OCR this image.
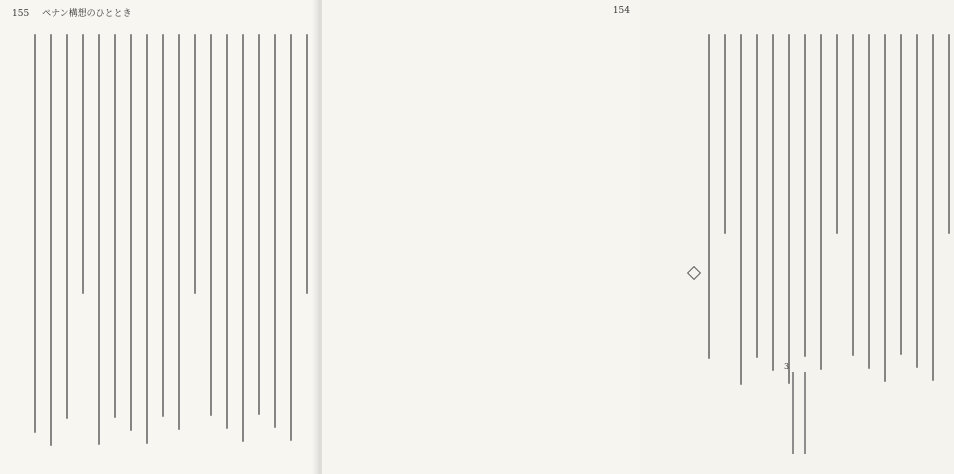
155 ペナン構想のひととき	154
3
